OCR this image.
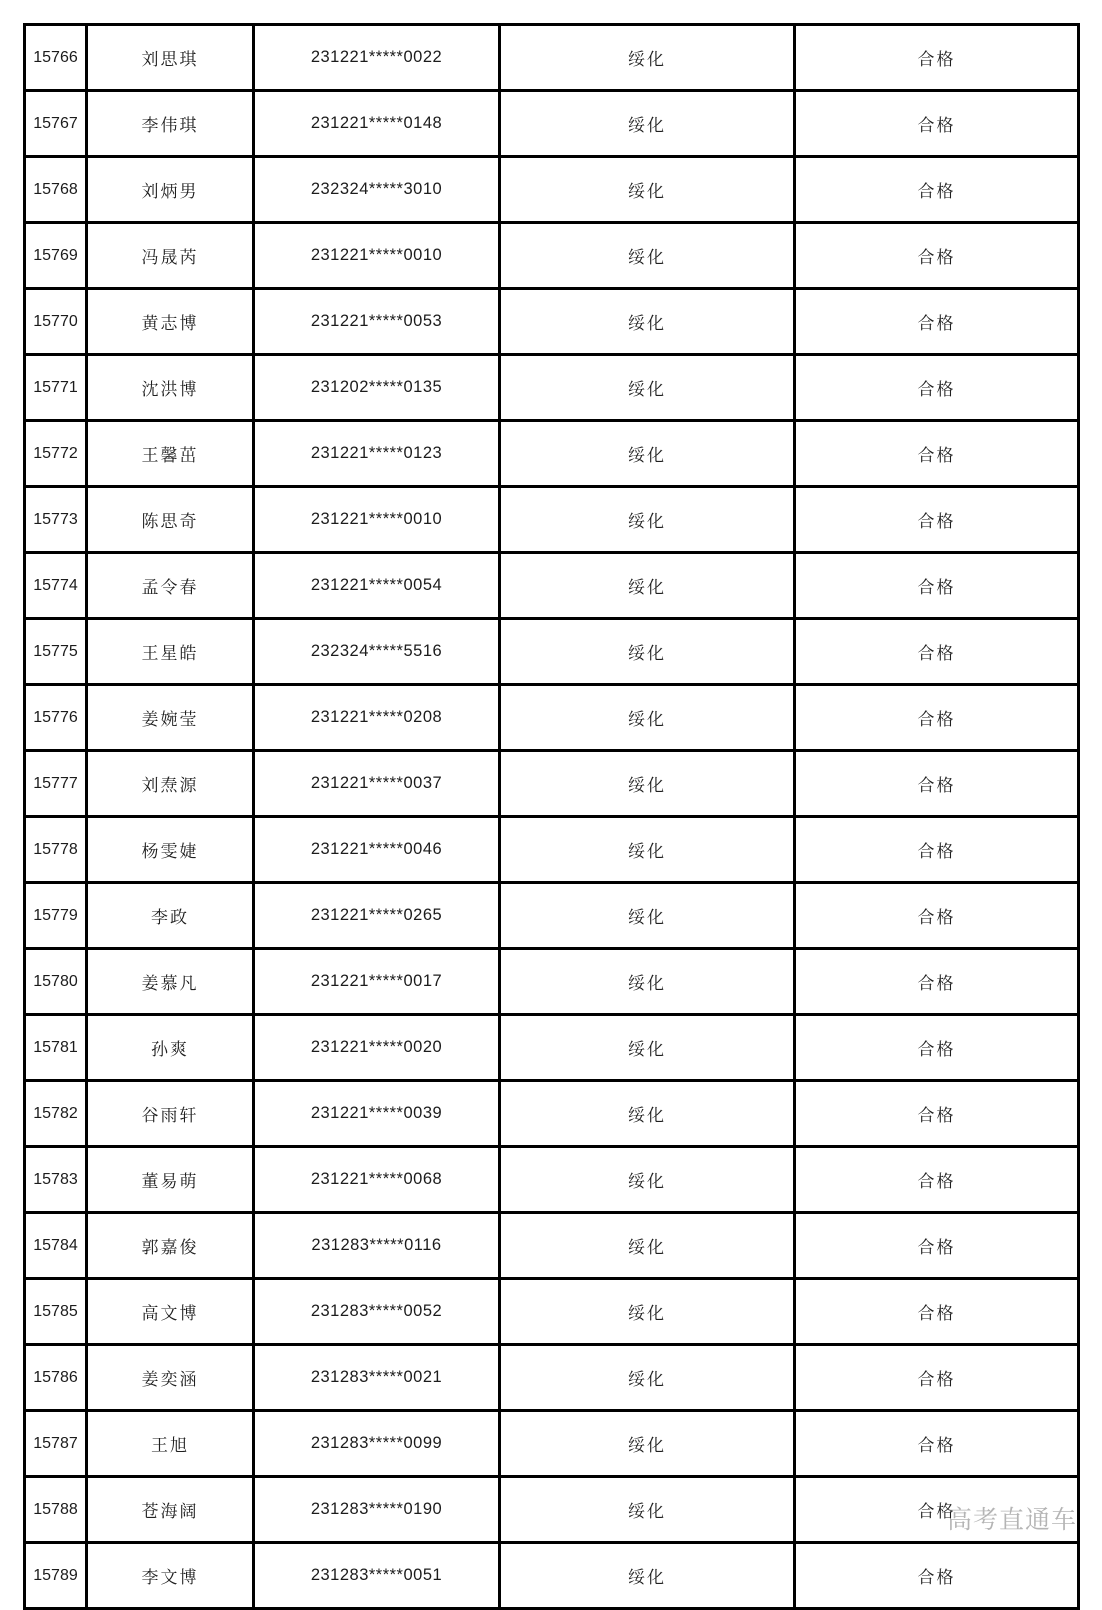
15766	刘思琪	231221*****0022	绥化	合格
15767	李伟琪	231221*****0148	绥化	合格
15768	刘炳男	232324*****3010	绥化	合格
15769	冯晟芮	231221*****0010	绥化	合格
15770	黄志博	231221*****0053	绥化	合格
15771	沈洪博	231202*****0135	绥化	合格
15772	王馨茁	231221*****0123	绥化	合格
15773	陈思奇	231221*****0010	绥化	合格
15774	孟令春	231221*****0054	绥化	合格
15775	王星皓	232324*****5516	绥化	合格
15776	姜婉莹	231221*****0208	绥化	合格
15777	刘焘源	231221*****0037	绥化	合格
15778	杨雯婕	231221*****0046	绥化	合格
15779	李政	231221*****0265	绥化	合格
15780	姜慕凡	231221*****0017	绥化	合格
15781	孙爽	231221*****0020	绥化	合格
15782	谷雨轩	231221*****0039	绥化	合格
15783	董易萌	231221*****0068	绥化	合格
15784	郭嘉俊	231283*****0116	绥化	合格
15785	高文博	231283*****0052	绥化	合格
15786	姜奕涵	231283*****0021	绥化	合格
15787	王旭	231283*****0099	绥化	合格
15788	苍海阔	231283*****0190	绥化	合格
15789	李文博	231283*****0051	绥化	合格
高考直通车
